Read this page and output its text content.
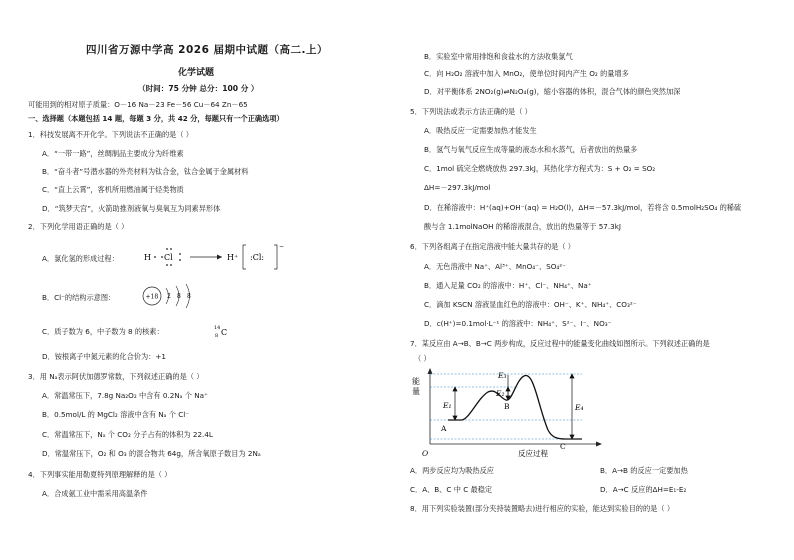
四川省万源中学高 2026 届期中试题（高二.上）
化学试题
（时间：75 分钟 总分：100 分 ）
可能用到的相对原子质量：O－16 Na－23 Fe－56 Cu－64 Zn－65
一、选择题（本题包括 14 题，每题 3 分，共 42 分，每题只有一个正确选项）
1．科技发展离不开化学。下列说法不正确的是（ ）
A．“一带一路”，丝绸制品主要成分为纤维素
B．“奋斗者”号潜水器的外壳材料为钛合金，钛合金属于金属材料
C．“直上云霄”，客机所用燃油属于烃类物质
D．“筑梦天宫”，火箭助推剂液氧与臭氧互为同素异形体
2．下列化学用语正确的是（ ）
A．氯化氢的形成过程：	H Cl	H⁺ :Cl:
−
B．Cl⁻的结构示意图：	+18 2 8 8
C．质子数为 6，中子数为 8 的核素：	14
8 C
D．铵根离子中氮元素的化合价为：+1
3．用 Nₐ表示阿伏加德罗常数，下列叙述正确的是（ ）
A．常温常压下，7.8g Na₂O₂ 中含有 0.2Nₐ 个 Na⁺
B．0.5mol/L 的 MgCl₂ 溶液中含有 Nₐ 个 Cl⁻
C．常温常压下，Nₐ 个 CO₂ 分子占有的体积为 22.4L
D．常温常压下，O₂ 和 O₃ 的混合物共 64g，所含氧原子数目为 2Nₐ
4．下列事实能用勒夏特列原理解释的是（ ）
A．合成氨工业中需采用高温条件
B．实验室中常用排饱和食盐水的方法收集氯气
C．向 H₂O₂ 溶液中加入 MnO₂，使单位时间内产生 O₂ 的量增多
D．对平衡体系 2NO₂(g)⇌N₂O₄(g)，缩小容器的体积，混合气体的颜色突然加深
5．下列说法或表示方法正确的是（ ）
A．吸热反应一定需要加热才能发生
B．氢气与氧气反应生成等量的液态水和水蒸气，后者放出的热量多
C．1mol 硫完全燃烧放热 297.3kJ，其热化学方程式为：S + O₂ = SO₂
ΔH=－297.3kJ/mol
D．在稀溶液中：H⁺(aq)+OH⁻(aq) = H₂O(l)，ΔH=－57.3kJ/mol，若将含 0.5molH₂SO₄ 的稀硫
酸与含 1.1molNaOH 的稀溶液混合，放出的热量等于 57.3kJ
6．下列各组离子在指定溶液中能大量共存的是（ ）
A．无色溶液中 Na⁺、Al³⁺、MnO₄⁻、SO₄²⁻
B．通入足量 CO₂ 的溶液中：H⁺、Cl⁻、NH₄⁺、Na⁺
C．滴加 KSCN 溶液显血红色的溶液中：OH⁻、K⁺、NH₄⁺、CO₃²⁻
D．c(H⁺)=0.1mol·L⁻¹ 的溶液中：NH₄⁺、S²⁻、I⁻、NO₃⁻
7．某反应由 A→B、B→C 两步构成，反应过程中的能量变化曲线如图所示。下列叙述正确的是
（ ）
能
量
O	反应过程
E₁
E₂
E₃
E₄
A
B
C
A．两步反应均为吸热反应	B．A→B 的反应一定要加热
C．A、B、C 中 C 最稳定	D．A→C 反应的ΔH=E₁-E₂
8．用下列实验装置(部分夹持装置略去)进行相应的实验，能达到实验目的的是（ ）
